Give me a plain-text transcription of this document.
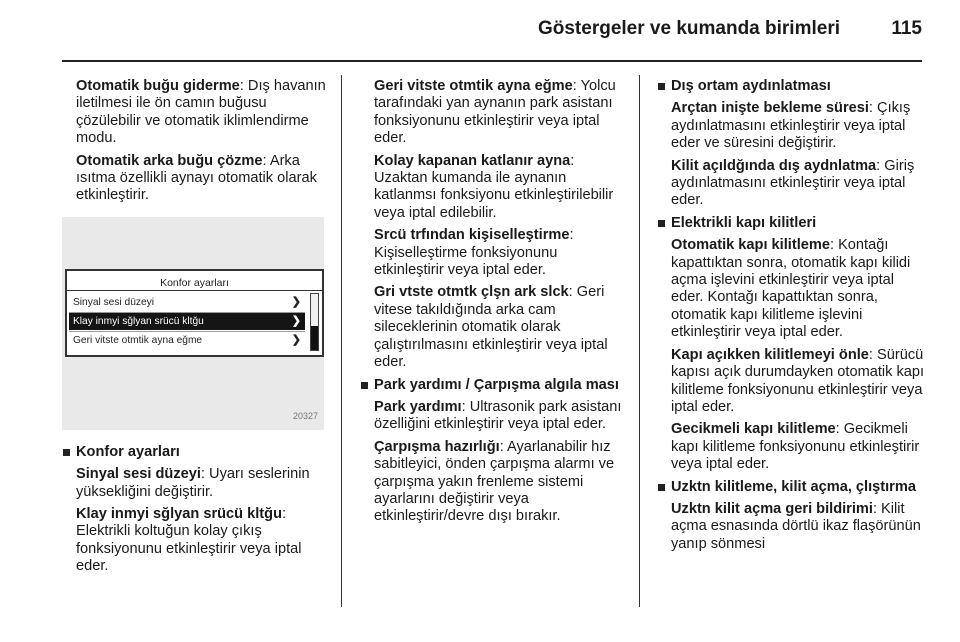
Göstergeler ve kumanda birimleri	115

Otomatik buğu giderme: Dış havanın iletilmesi ile ön camın buğusu çözülebilir ve otomatik iklimlendirme modu.

Otomatik arka buğu çözme: Arka ısıtma özellikli aynayı otomatik olarak etkinleştirir.

Konfor ayarları
Sinyal sesi düzeyi	❯
Klay inmyi sğlyan srücü kltğu	❯
Geri vitste otmtik ayna eğme	❯
20327
Konfor ayarları

Sinyal sesi düzeyi: Uyarı seslerinin yüksekliğini değiştirir.

Klay inmyi sğlyan srücü kltğu: Elektrikli koltuğun kolay çıkış fonksiyonunu etkinleştirir veya iptal eder.

Geri vitste otmtik ayna eğme: Yolcu tarafındaki yan aynanın park asistanı fonksiyonunu etkinleştirir veya iptal eder.

Kolay kapanan katlanır ayna: Uzaktan kumanda ile aynanın katlanmsı fonksiyonu etkinleştirilebilir veya iptal edilebilir.

Srcü trfından kişiselleştirme: Kişiselleştirme fonksiyonunu etkinleştirir veya iptal eder.

Gri vtste otmtk çlşn ark slck: Geri vitese takıldığında arka cam sileceklerinin otomatik olarak çalıştırılmasını etkinleştirir veya iptal eder.

Park yardımı / Çarpışma algıla ması

Park yardımı: Ultrasonik park asistanı özelliğini etkinleştirir veya iptal eder.

Çarpışma hazırlığı: Ayarlanabilir hız sabitleyici, önden çarpışma alarmı ve çarpışma yakın frenleme sistemi ayarlarını değiştirir veya etkinleştirir/devre dışı bırakır.

Dış ortam aydınlatması

Arçtan inişte bekleme süresi: Çıkış aydınlatmasını etkinleştirir veya iptal eder ve süresini değiştirir.

Kilit açıldğında dış aydnlatma: Giriş aydınlatmasını etkinleştirir veya iptal eder.

Elektrikli kapı kilitleri

Otomatik kapı kilitleme: Kontağı kapattıktan sonra, otomatik kapı kilidi açma işlevini etkinleştirir veya iptal eder. Kontağı kapattıktan sonra, otomatik kapı kilitleme işlevini etkinleştirir veya iptal eder.

Kapı açıkken kilitlemeyi önle: Sürücü kapısı açık durumdayken otomatik kapı kilitleme fonksiyonunu etkinleştirir veya iptal eder.

Gecikmeli kapı kilitleme: Gecikmeli kapı kilitleme fonksiyonunu etkinleştirir veya iptal eder.

Uzktn kilitleme, kilit açma, çlıştırma

Uzktn kilit açma geri bildirimi: Kilit açma esnasında dörtlü ikaz flaşörünün yanıp sönmesi
